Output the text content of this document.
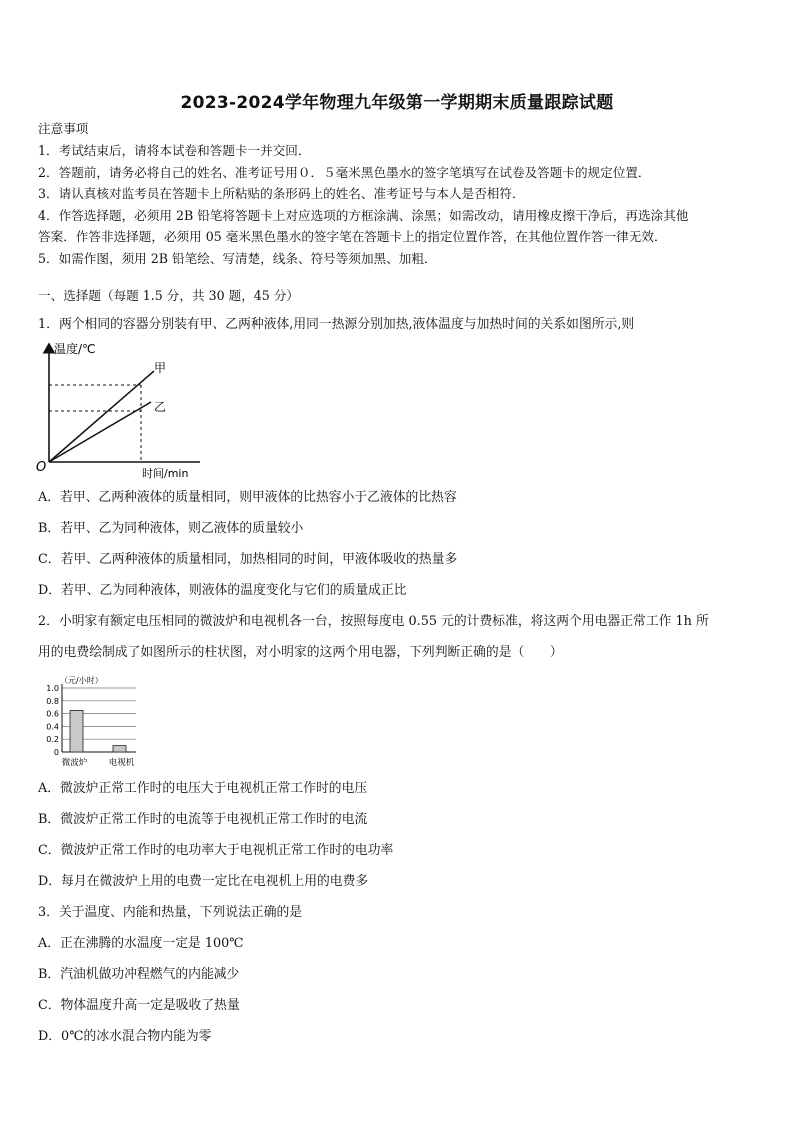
2023-2024学年物理九年级第一学期期末质量跟踪试题
注意事项
1．考试结束后，请将本试卷和答题卡一并交回．
2．答题前，请务必将自己的姓名、准考证号用０．５毫米黑色墨水的签字笔填写在试卷及答题卡的规定位置．
3．请认真核对监考员在答题卡上所粘贴的条形码上的姓名、准考证号与本人是否相符．
4．作答选择题，必须用 2B 铅笔将答题卡上对应选项的方框涂满、涂黑；如需改动，请用橡皮擦干净后，再选涂其他
答案．作答非选择题，必须用 05 毫米黑色墨水的签字笔在答题卡上的指定位置作答，在其他位置作答一律无效．
5．如需作图，须用 2B 铅笔绘、写清楚，线条、符号等须加黑、加粗．
一、选择题（每题 1.5 分，共 30 题，45 分）
1．两个相同的容器分别装有甲、乙两种液体,用同一热源分别加热,液体温度与加热时间的关系如图所示,则
温度/℃
O	时间/min
甲
乙
A．若甲、乙两种液体的质量相同，则甲液体的比热容小于乙液体的比热容
B．若甲、乙为同种液体，则乙液体的质量较小
C．若甲、乙两种液体的质量相同，加热相同的时间，甲液体吸收的热量多
D．若甲、乙为同种液体，则液体的温度变化与它们的质量成正比
2．小明家有额定电压相同的微波炉和电视机各一台，按照每度电 0.55 元的计费标准，将这两个用电器正常工作 1h 所
用的电费绘制成了如图所示的柱状图，对小明家的这两个用电器，下列判断正确的是（　　）
（元/小时）
1.0
0.8
0.6
0.4
0.2
0
微波炉	电视机
A．微波炉正常工作时的电压大于电视机正常工作时的电压
B．微波炉正常工作时的电流等于电视机正常工作时的电流
C．微波炉正常工作时的电功率大于电视机正常工作时的电功率
D．每月在微波炉上用的电费一定比在电视机上用的电费多
3．关于温度、内能和热量，下列说法正确的是
A．正在沸腾的水温度一定是 100℃
B．汽油机做功冲程燃气的内能减少
C．物体温度升高一定是吸收了热量
D．0℃的冰水混合物内能为零
